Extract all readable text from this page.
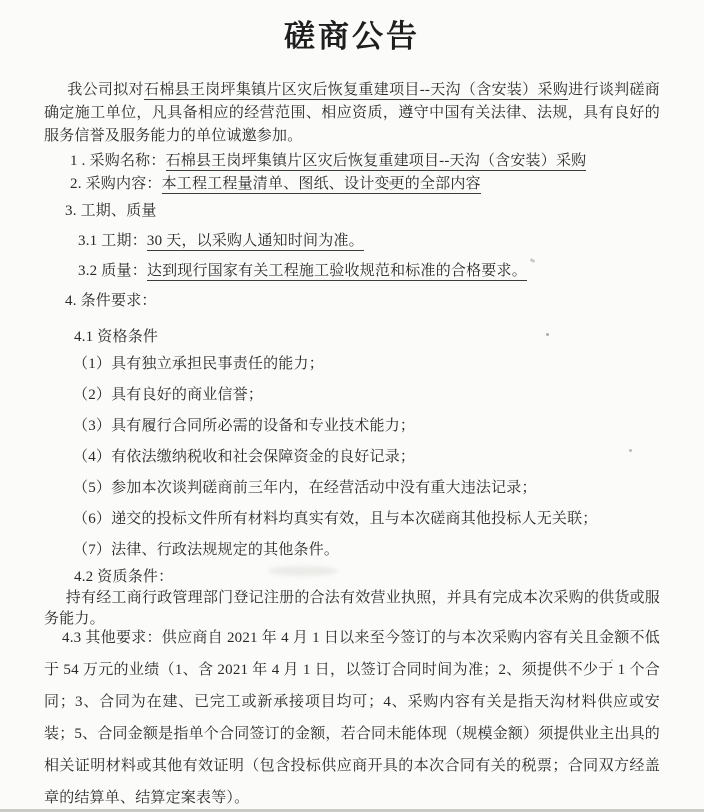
磋商公告

我公司拟对石棉县王岗坪集镇片区灾后恢复重建项目--天沟（含安装）采购进行谈判磋商确定施工单位，凡具备相应的经营范围、相应资质，遵守中国有关法律、法规，具有良好的服务信誉及服务能力的单位诚邀参加。

1 . 采购名称：石棉县王岗坪集镇片区灾后恢复重建项目--天沟（含安装）采购
2. 采购内容：本工程工程量清单、图纸、设计变更的全部内容
3. 工期、质量
3.1 工期：30 天，以采购人通知时间为准。
3.2 质量：达到现行国家有关工程施工验收规范和标准的合格要求。
4. 条件要求：
4.1 资格条件
（1）具有独立承担民事责任的能力；
（2）具有良好的商业信誉；
（3）具有履行合同所必需的设备和专业技术能力；
（4）有依法缴纳税收和社会保障资金的良好记录；
（5）参加本次谈判磋商前三年内，在经营活动中没有重大违法记录；
（6）递交的投标文件所有材料均真实有效，且与本次磋商其他投标人无关联；
（7）法律、行政法规规定的其他条件。
4.2 资质条件：

持有经工商行政管理部门登记注册的合法有效营业执照，并具有完成本次采购的供货或服务能力。

4.3 其他要求：供应商自 2021 年 4 月 1 日以来至今签订的与本次采购内容有关且金额不低于 54 万元的业绩（1、含 2021 年 4 月 1 日，以签订合同时间为准；2、须提供不少于 1 个合同；3、合同为在建、已完工或新承接项目均可；4、采购内容有关是指天沟材料供应或安装；5、合同金额是指单个合同签订的金额，若合同未能体现（规模金额）须提供业主出具的相关证明材料或其他有效证明（包含投标供应商开具的本次合同有关的税票；合同双方经盖章的结算单、结算定案表等）。
